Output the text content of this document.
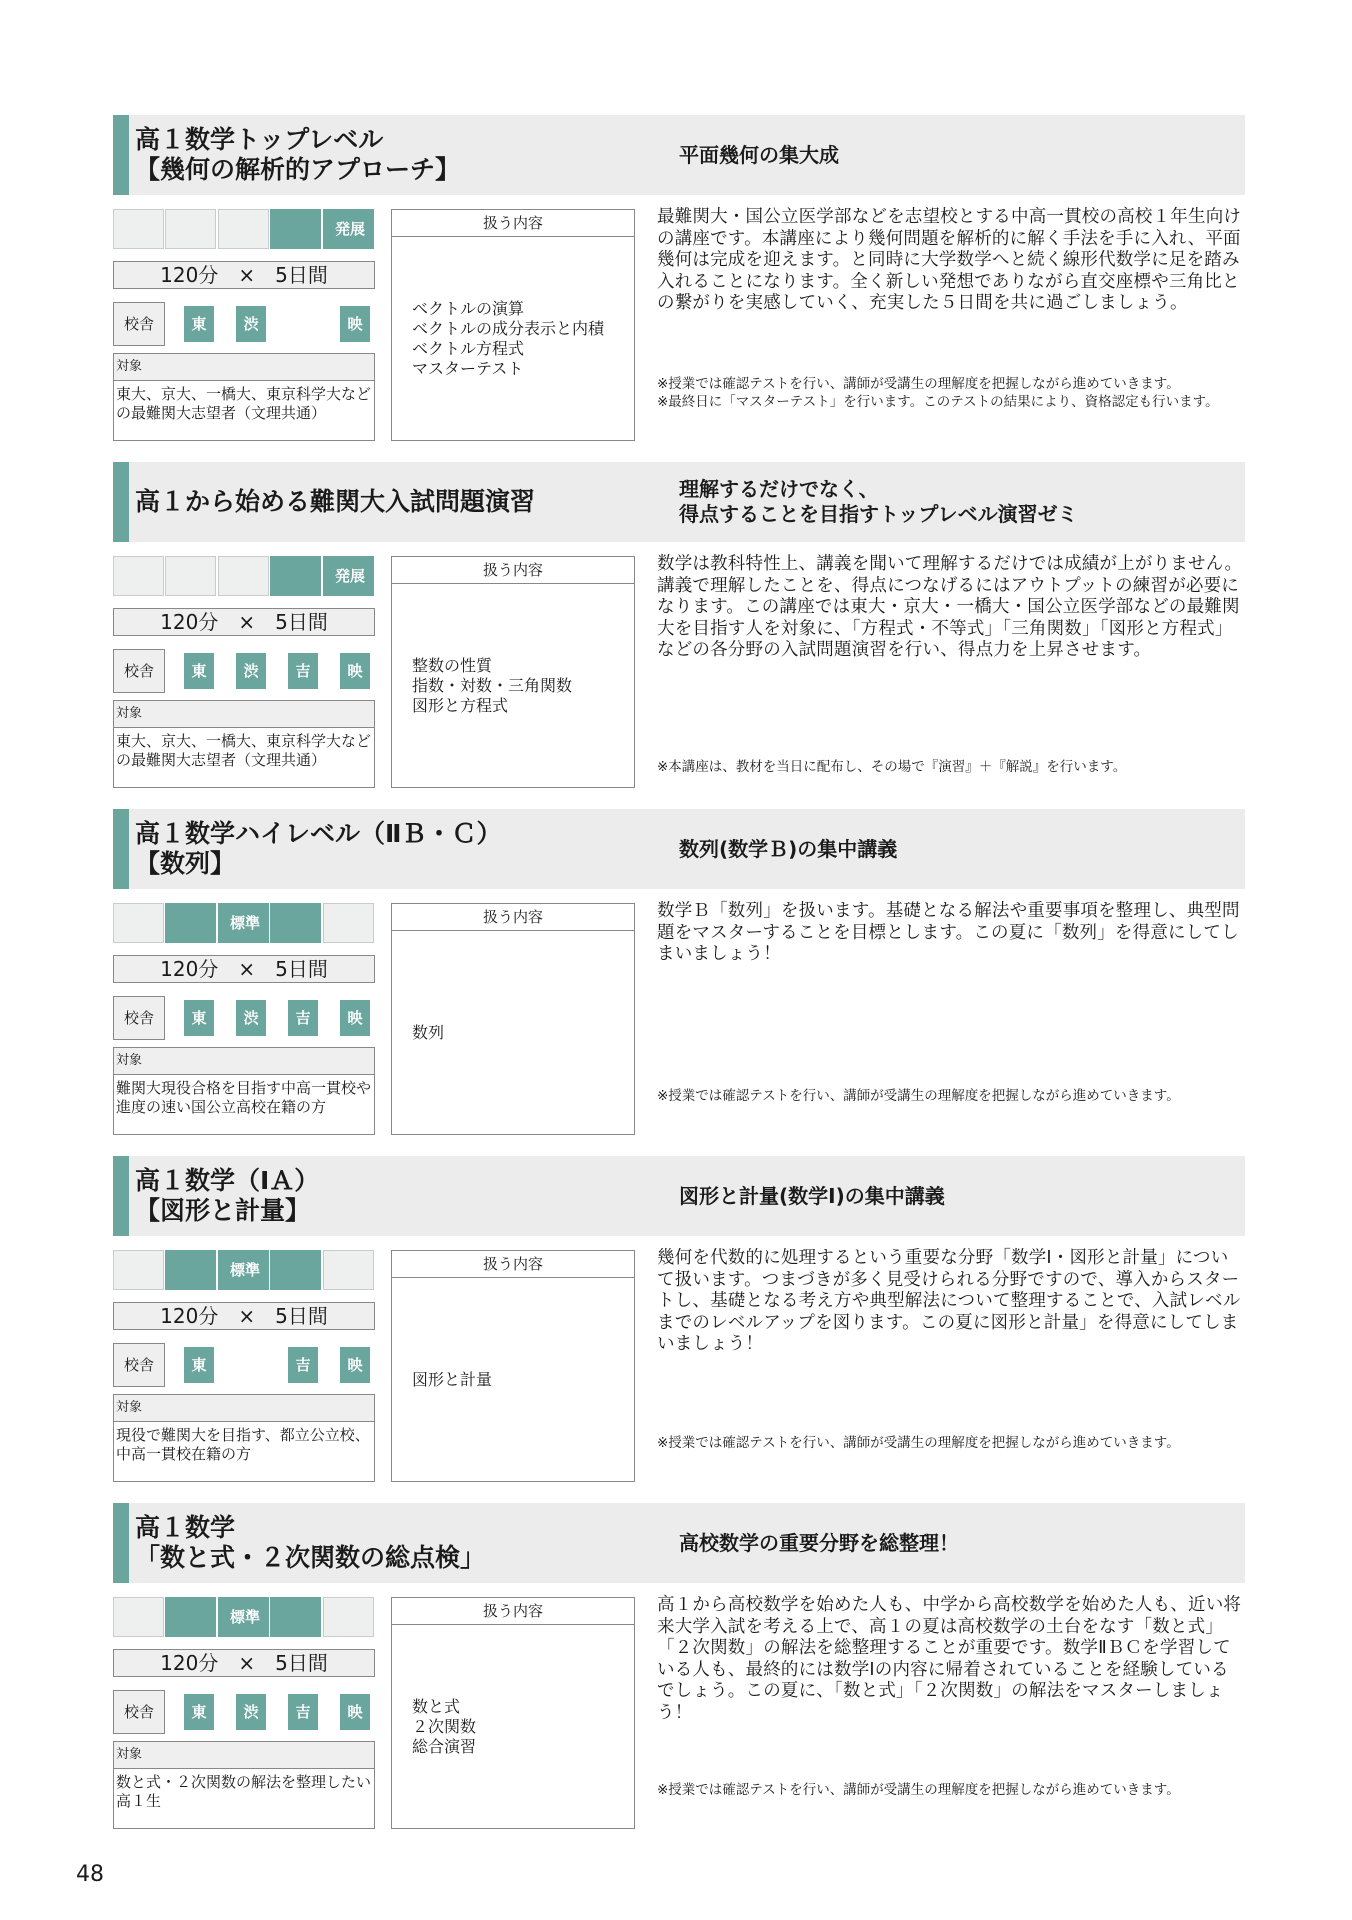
高１数学トップレベル
【幾何の解析的アプローチ】
平面幾何の集大成
発展
120分　×　5日間
校舎	東	渋	映
対象
東大、京大、一橋大、東京科学大などの最難関大志望者（文理共通）
扱う内容
ベクトルの演算
ベクトルの成分表示と内積
ベクトル方程式
マスターテスト
最難関大・国公立医学部などを志望校とする中高一貫校の高校１年生向けの講座です。本講座により幾何問題を解析的に解く手法を手に入れ、平面幾何は完成を迎えます。と同時に大学数学へと続く線形代数学に足を踏み入れることになります。全く新しい発想でありながら直交座標や三角比との繋がりを実感していく、充実した５日間を共に過ごしましょう。
※授業では確認テストを行い、講師が受講生の理解度を把握しながら進めていきます。
※最終日に「マスターテスト」を行います。このテストの結果により、資格認定も行います。
高１から始める難関大入試問題演習	理解するだけでなく、
得点することを目指すトップレベル演習ゼミ
発展
120分　×　5日間
校舎	東	渋	吉	映
対象
東大、京大、一橋大、東京科学大などの最難関大志望者（文理共通）
扱う内容
整数の性質
指数・対数・三角関数
図形と方程式
数学は教科特性上、講義を聞いて理解するだけでは成績が上がりません。講義で理解したことを、得点につなげるにはアウトプットの練習が必要になります。この講座では東大・京大・一橋大・国公立医学部などの最難関大を目指す人を対象に、「方程式・不等式」「三角関数」「図形と方程式」などの各分野の入試問題演習を行い、得点力を上昇させます。
※本講座は、教材を当日に配布し、その場で『演習』＋『解説』を行います。
高１数学ハイレベル（ⅡＢ・Ｃ）
【数列】
数列(数学Ｂ)の集中講義
標準
120分　×　5日間
校舎	東	渋	吉	映
対象
難関大現役合格を目指す中高一貫校や進度の速い国公立高校在籍の方
扱う内容
数列
数学Ｂ「数列」を扱います。基礎となる解法や重要事項を整理し、典型問題をマスターすることを目標とします。この夏に「数列」を得意にしてしまいましょう！
※授業では確認テストを行い、講師が受講生の理解度を把握しながら進めていきます。
高１数学（ⅠＡ）
【図形と計量】
図形と計量(数学Ⅰ)の集中講義
標準
120分　×　5日間
校舎	東	吉	映
対象
現役で難関大を目指す、都立公立校、中高一貫校在籍の方
扱う内容
図形と計量
幾何を代数的に処理するという重要な分野「数学Ⅰ・図形と計量」について扱います。つまづきが多く見受けられる分野ですので、導入からスタートし、基礎となる考え方や典型解法について整理することで、入試レベルまでのレベルアップを図ります。この夏に図形と計量」を得意にしてしまいましょう！
※授業では確認テストを行い、講師が受講生の理解度を把握しながら進めていきます。
高１数学
「数と式・２次関数の総点検」
高校数学の重要分野を総整理！
標準
120分　×　5日間
校舎	東	渋	吉	映
対象
数と式・２次関数の解法を整理したい高１生
扱う内容
数と式
２次関数
総合演習
高１から高校数学を始めた人も、中学から高校数学を始めた人も、近い将来大学入試を考える上で、高１の夏は高校数学の土台をなす「数と式」「２次関数」の解法を総整理することが重要です。数学ⅡＢＣを学習している人も、最終的には数学Ⅰの内容に帰着されていることを経験しているでしょう。この夏に、「数と式」「２次関数」の解法をマスターしましょう！
※授業では確認テストを行い、講師が受講生の理解度を把握しながら進めていきます。
48
